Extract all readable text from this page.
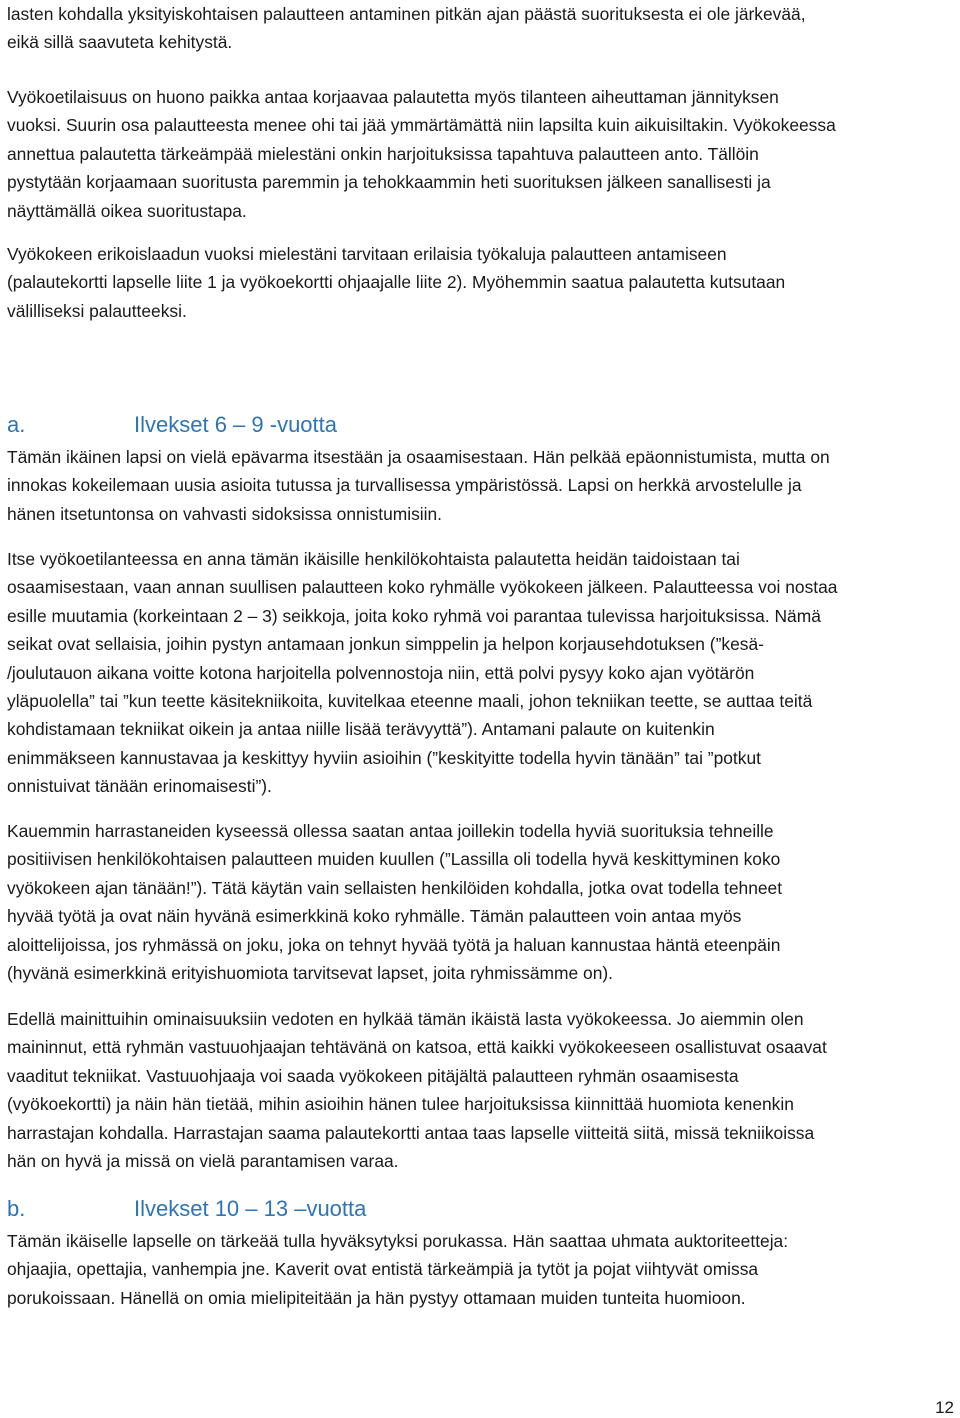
lasten kohdalla yksityiskohtaisen palautteen antaminen pitkän ajan päästä suorituksesta ei ole järkevää,
eikä sillä saavuteta kehitystä.
Vyökoetilaisuus on huono paikka antaa korjaavaa palautetta myös tilanteen aiheuttaman jännityksen
vuoksi. Suurin osa palautteesta menee ohi tai jää ymmärtämättä niin lapsilta kuin aikuisiltakin. Vyökokeessa
annettua palautetta tärkeämpää mielestäni onkin harjoituksissa tapahtuva palautteen anto. Tällöin
pystytään korjaamaan suoritusta paremmin ja tehokkaammin heti suorituksen jälkeen sanallisesti ja
näyttämällä oikea suoritustapa.
Vyökokeen erikoislaadun vuoksi mielestäni tarvitaan erilaisia työkaluja palautteen antamiseen
(palautekortti lapselle liite 1 ja vyökoekortti ohjaajalle liite 2). Myöhemmin saatua palautetta kutsutaan
välilliseksi palautteeksi.
a.	Ilvekset 6 – 9 -vuotta
Tämän ikäinen lapsi on vielä epävarma itsestään ja osaamisestaan. Hän pelkää epäonnistumista, mutta on
innokas kokeilemaan uusia asioita tutussa ja turvallisessa ympäristössä. Lapsi on herkkä arvostelulle ja
hänen itsetuntonsa on vahvasti sidoksissa onnistumisiin.
Itse vyökoetilanteessa en anna tämän ikäisille henkilökohtaista palautetta heidän taidoistaan tai
osaamisestaan, vaan annan suullisen palautteen koko ryhmälle vyökokeen jälkeen. Palautteessa voi nostaa
esille muutamia (korkeintaan 2 – 3) seikkoja, joita koko ryhmä voi parantaa tulevissa harjoituksissa. Nämä
seikat ovat sellaisia, joihin pystyn antamaan jonkun simppelin ja helpon korjausehdotuksen (”kesä-
/joulutauon aikana voitte kotona harjoitella polvennostoja niin, että polvi pysyy koko ajan vyötärön
yläpuolella” tai ”kun teette käsitekniikoita, kuvitelkaa eteenne maali, johon tekniikan teette, se auttaa teitä
kohdistamaan tekniikat oikein ja antaa niille lisää terävyyttä”). Antamani palaute on kuitenkin
enimmäkseen kannustavaa ja keskittyy hyviin asioihin (”keskityitte todella hyvin tänään” tai ”potkut
onnistuivat tänään erinomaisesti”).
Kauemmin harrastaneiden kyseessä ollessa saatan antaa joillekin todella hyviä suorituksia tehneille
positiivisen henkilökohtaisen palautteen muiden kuullen (”Lassilla oli todella hyvä keskittyminen koko
vyökokeen ajan tänään!”). Tätä käytän vain sellaisten henkilöiden kohdalla, jotka ovat todella tehneet
hyvää työtä ja ovat näin hyvänä esimerkkinä koko ryhmälle. Tämän palautteen voin antaa myös
aloittelijoissa, jos ryhmässä on joku, joka on tehnyt hyvää työtä ja haluan kannustaa häntä eteenpäin
(hyvänä esimerkkinä erityishuomiota tarvitsevat lapset, joita ryhmissämme on).
Edellä mainittuihin ominaisuuksiin vedoten en hylkää tämän ikäistä lasta vyökokeessa. Jo aiemmin olen
maininnut, että ryhmän vastuuohjaajan tehtävänä on katsoa, että kaikki vyökokeeseen osallistuvat osaavat
vaaditut tekniikat. Vastuuohjaaja voi saada vyökokeen pitäjältä palautteen ryhmän osaamisesta
(vyökoekortti) ja näin hän tietää, mihin asioihin hänen tulee harjoituksissa kiinnittää huomiota kenenkin
harrastajan kohdalla. Harrastajan saama palautekortti antaa taas lapselle viitteitä siitä, missä tekniikoissa
hän on hyvä ja missä on vielä parantamisen varaa.
b.	Ilvekset 10 – 13 –vuotta
Tämän ikäiselle lapselle on tärkeää tulla hyväksytyksi porukassa. Hän saattaa uhmata auktoriteetteja:
ohjaajia, opettajia, vanhempia jne. Kaverit ovat entistä tärkeämpiä ja tytöt ja pojat viihtyvät omissa
porukoissaan. Hänellä on omia mielipiteitään ja hän pystyy ottamaan muiden tunteita huomioon.
12
